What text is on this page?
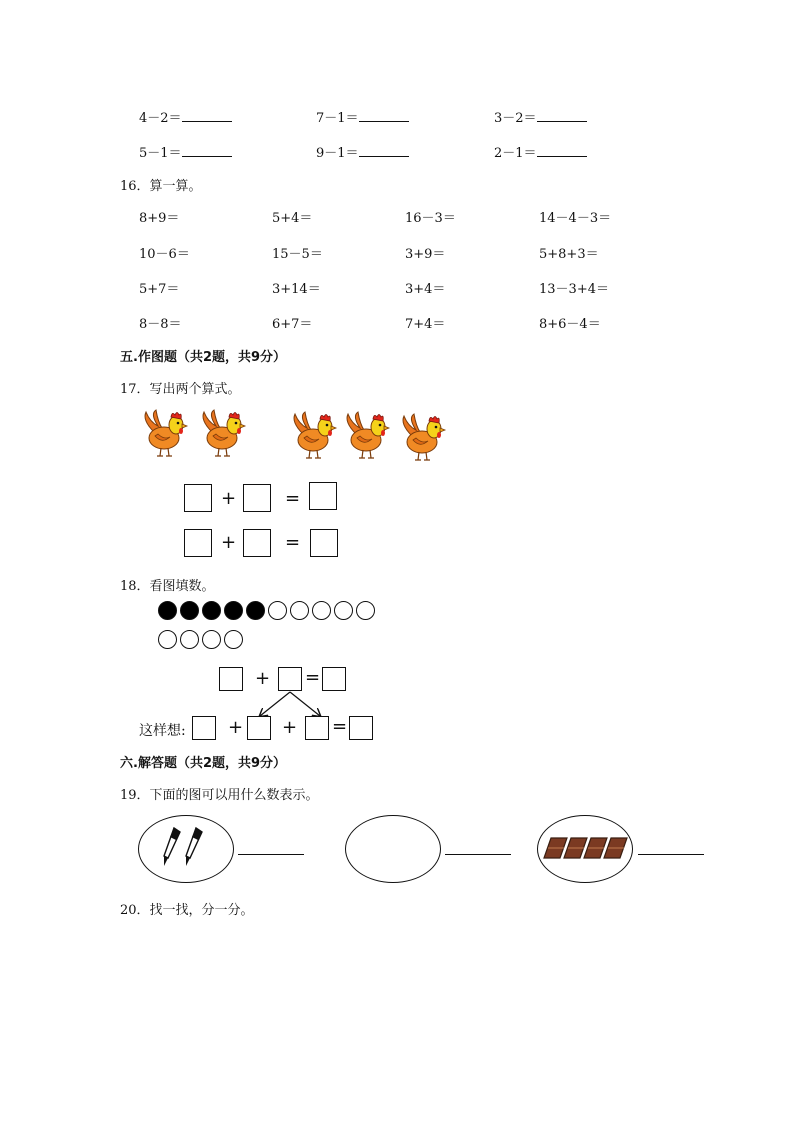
4－2＝	7－1＝	3－2＝
5－1＝	9－1＝	2－1＝
16．算一算。
8+9＝	5+4＝	16－3＝	14－4－3＝
10－6＝	15－5＝	3+9＝	5+8+3＝
5+7＝	3+14＝	3+4＝	13－3+4＝
8－8＝	6+7＝	7+4＝	8+6－4＝
五.作图题（共2题，共9分）
17．写出两个算式。
+	=
+	=
18．看图填数。
+ =
这样想: + + =
六.解答题（共2题，共9分）
19．下面的图可以用什么数表示。
20．找一找，分一分。
